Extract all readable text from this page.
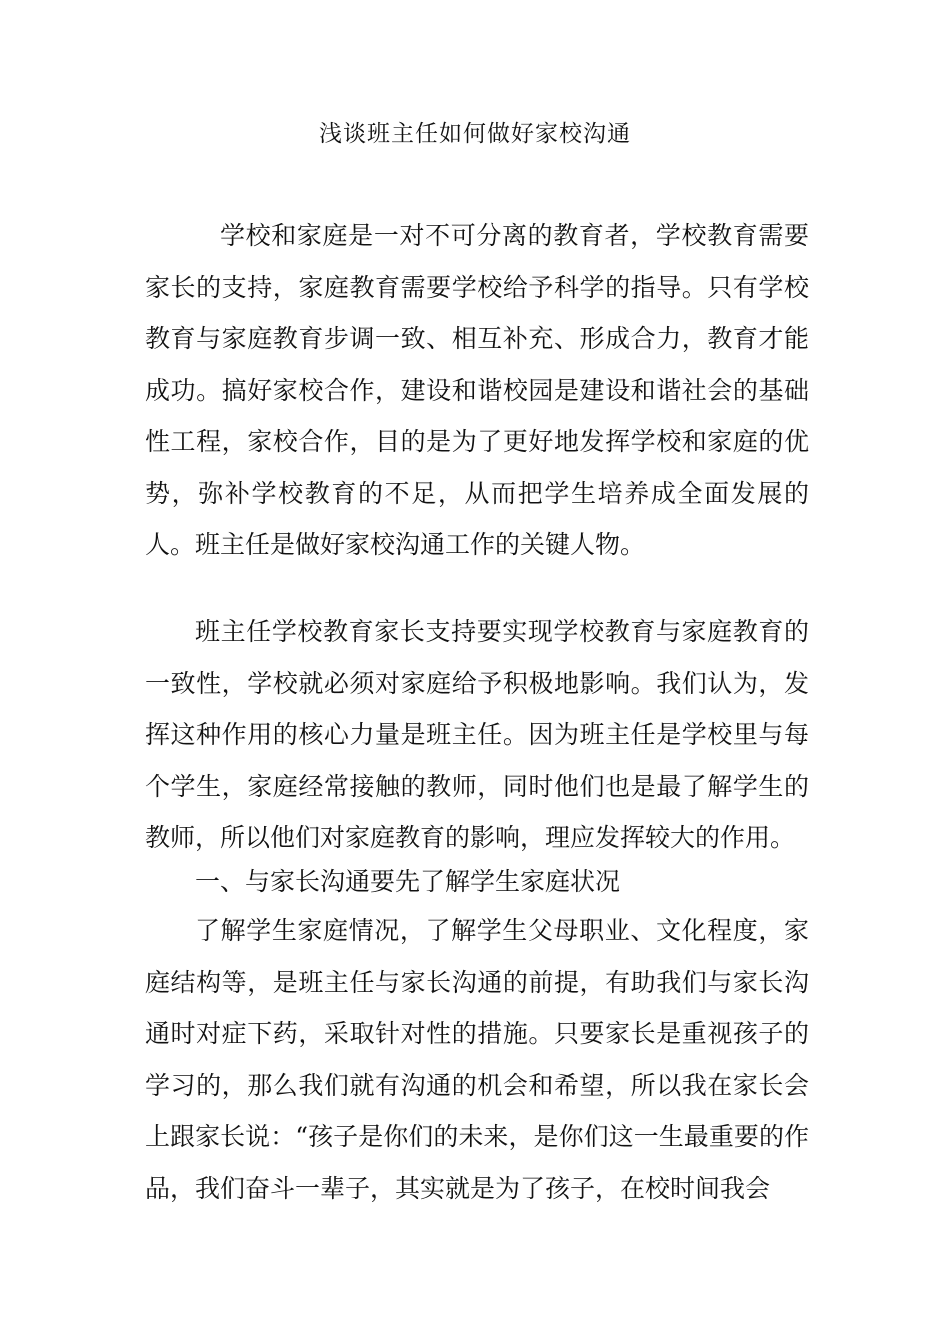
浅谈班主任如何做好家校沟通

学校和家庭是一对不可分离的教育者，学校教育需要家长的支持，家庭教育需要学校给予科学的指导。只有学校教育与家庭教育步调一致、相互补充、形成合力，教育才能成功。搞好家校合作，建设和谐校园是建设和谐社会的基础性工程，家校合作，目的是为了更好地发挥学校和家庭的优势，弥补学校教育的不足，从而把学生培养成全面发展的人。班主任是做好家校沟通工作的关键人物。

班主任学校教育家长支持要实现学校教育与家庭教育的一致性，学校就必须对家庭给予积极地影响。我们认为，发挥这种作用的核心力量是班主任。因为班主任是学校里与每个学生，家庭经常接触的教师，同时他们也是最了解学生的教师，所以他们对家庭教育的影响，理应发挥较大的作用。

一、与家长沟通要先了解学生家庭状况

了解学生家庭情况，了解学生父母职业、文化程度，家庭结构等，是班主任与家长沟通的前提，有助我们与家长沟通时对症下药，采取针对性的措施。只要家长是重视孩子的学习的，那么我们就有沟通的机会和希望，所以我在家长会上跟家长说：“孩子是你们的未来，是你们这一生最重要的作品，我们奋斗一辈子，其实就是为了孩子，在校时间我会
